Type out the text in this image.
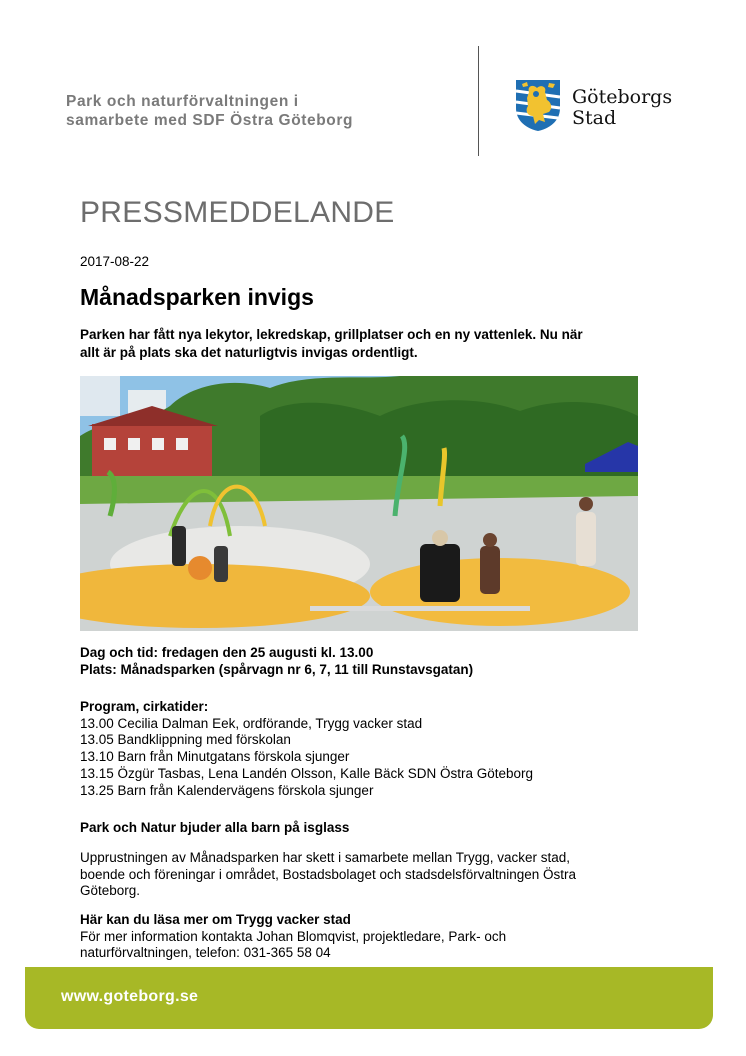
Park och naturförvaltningen i
samarbete med SDF Östra Göteborg
Göteborgs
Stad
PRESSMEDDELANDE
2017-08-22
Månadsparken invigs
Parken har fått nya lekytor, lekredskap, grillplatser och en ny vattenlek. Nu när
allt är på plats ska det naturligtvis invigas ordentligt.
Dag och tid: fredagen den 25 augusti kl. 13.00
Plats: Månadsparken (spårvagn nr 6, 7, 11 till Runstavsgatan)
Program, cirkatider:
13.00 Cecilia Dalman Eek, ordförande, Trygg vacker stad
13.05 Bandklippning med förskolan
13.10 Barn från Minutgatans förskola sjunger
13.15 Özgür Tasbas, Lena Landén Olsson, Kalle Bäck SDN Östra Göteborg
13.25 Barn från Kalendervägens förskola sjunger
Park och Natur bjuder alla barn på isglass
Upprustningen av Månadsparken har skett i samarbete mellan Trygg, vacker stad,
boende och föreningar i området, Bostadsbolaget och stadsdelsförvaltningen Östra
Göteborg.
Här kan du läsa mer om Trygg vacker stad
För mer information kontakta Johan Blomqvist, projektledare, Park- och
naturförvaltningen, telefon: 031-365 58 04
www.goteborg.se
